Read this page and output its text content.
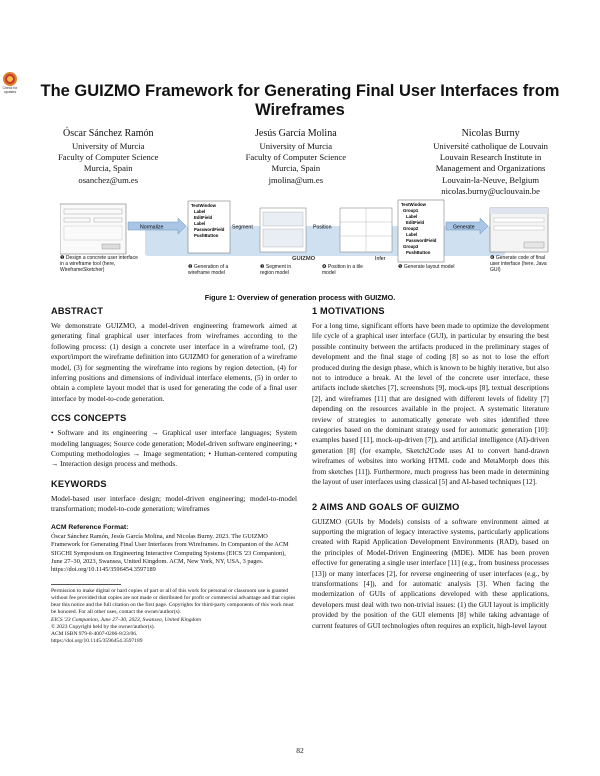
Check for updates The GUIZMO Framework for Generating Final User Interfaces from Wireframes
Óscar Sánchez Ramón
University of Murcia
Faculty of Computer Science
Murcia, Spain
osanchez@um.es
Jesús García Molina
University of Murcia
Faculty of Computer Science
Murcia, Spain
jmolina@um.es
Nicolas Burny
Université catholique de Louvain
Louvain Research Institute in
Management and Organizations
Louvain-la-Neuve, Belgium
nicolas.burny@uclouvain.be
Normalize
TextWindow
Label
EditField
Label
PasswordField
PushButton
Segment	Position
Infer
GUIZMO
TextWindow
Group1
Label
EditField
Group2
Label
PasswordField
Group3
PushButton
Generate
❶ Design a concrete user interface in a wireframe tool (here, WireframeSketcher)	❷ Generation of a wireframe model
❸ Segment in region model
❹ Position in a tile model
❺ Generate layout model
❻ Generate code of final user interface (here, Java GUI)
Figure 1: Overview of generation process with GUIZMO.
ABSTRACT

We demonstrate GUIZMO, a model-driven engineering framework aimed at generating final graphical user interfaces from wireframes according to the following process: (1) design a concrete user interface in a wireframe tool, (2) export/import the wireframe definition into GUIZMO for generation of a wireframe model, (3) for segmenting the wireframe into regions by region detection, (4) for inferring positions and dimensions of individual interface elements, (5) in order to obtain a complete layout model that is used for generating the code of a final user interface by model-to-code generation.

CCS CONCEPTS

• Software and its engineering → Graphical user interface languages; System modeling languages; Source code generation; Model-driven software engineering; • Computing methodologies → Image segmentation; • Human-centered computing → Interaction design process and methods.

KEYWORDS

Model-based user interface design; model-driven engineering; model-to-model transformation; model-to-code generation; wireframes

ACM Reference Format:

Óscar Sánchez Ramón, Jesús García Molina, and Nicolas Burny. 2023. The GUIZMO Framework for Generating Final User Interfaces from Wireframes. In Companion of the ACM SIGCHI Symposium on Engineering Interactive Computing Systems (EICS '23 Companion), June 27–30, 2023, Swansea, United Kingdom. ACM, New York, NY, USA, 3 pages. https://doi.org/10.1145/3596454.3597189

Permission to make digital or hard copies of part or all of this work for personal or classroom use is granted without fee provided that copies are not made or distributed for profit or commercial advantage and that copies bear this notice and the full citation on the first page. Copyrights for third-party components of this work must be honored. For all other uses, contact the owner/author(s).

EICS '23 Companion, June 27–30, 2023, Swansea, United Kingdom

© 2023 Copyright held by the owner/author(s).

ACM ISBN 979-8-4007-0206-8/23/06.

https://doi.org/10.1145/3596454.3597189

1 MOTIVATIONS

For a long time, significant efforts have been made to optimize the development life cycle of a graphical user interface (GUI), in particular by ensuring the best possible continuity between the artifacts produced in the preliminary stages of development and the final stage of coding [8] so as not to lose the effort produced during the design phase, which is known to be highly iterative, but also not to introduce a break. At the level of the concrete user interface, these artifacts include sketches [7], screenshots [9], mock-ups [8], textual descriptions [2], and wireframes [11] that are designed with different levels of fidelity [7] depending on the resources available in the project. A systematic literature review of strategies to automatically generate web sites identified three categories based on the dominant strategy used for automatic generation [10]: examples based [11], mock-up-driven [7]), and artificial intelligence (AI)-driven generation [8] (for example, Sketch2Code uses AI to convert hand-drawn wireframes of websites into working HTML code and MetaMorph does this from sketches [11]). Furthermore, much progress has been made in determining the layout of user interfaces using classical [5] and AI-based techniques [12].

2 AIMS AND GOALS OF GUIZMO

GUIZMO (GUIs by Models) consists of a software environment aimed at supporting the migration of legacy interactive systems, particularly applications created with Rapid Application Development Environments (RAD), based on the principles of Model-Driven Engineering (MDE). MDE has been proven effective for generating a single user interface [11] (e.g., from business processes [13]) or many interfaces [2], for reverse engineering of user interfaces (e.g., by transformations [4]), and for automatic analysis [3]. When facing the modernization of GUIs of applications developed with these applications, developers must deal with two non-trivial issues: (1) the GUI layout is implicitly provided by the position of the GUI elements [8] while taking advantage of current features of GUI technologies often requires an explicit, high-level layout

82
